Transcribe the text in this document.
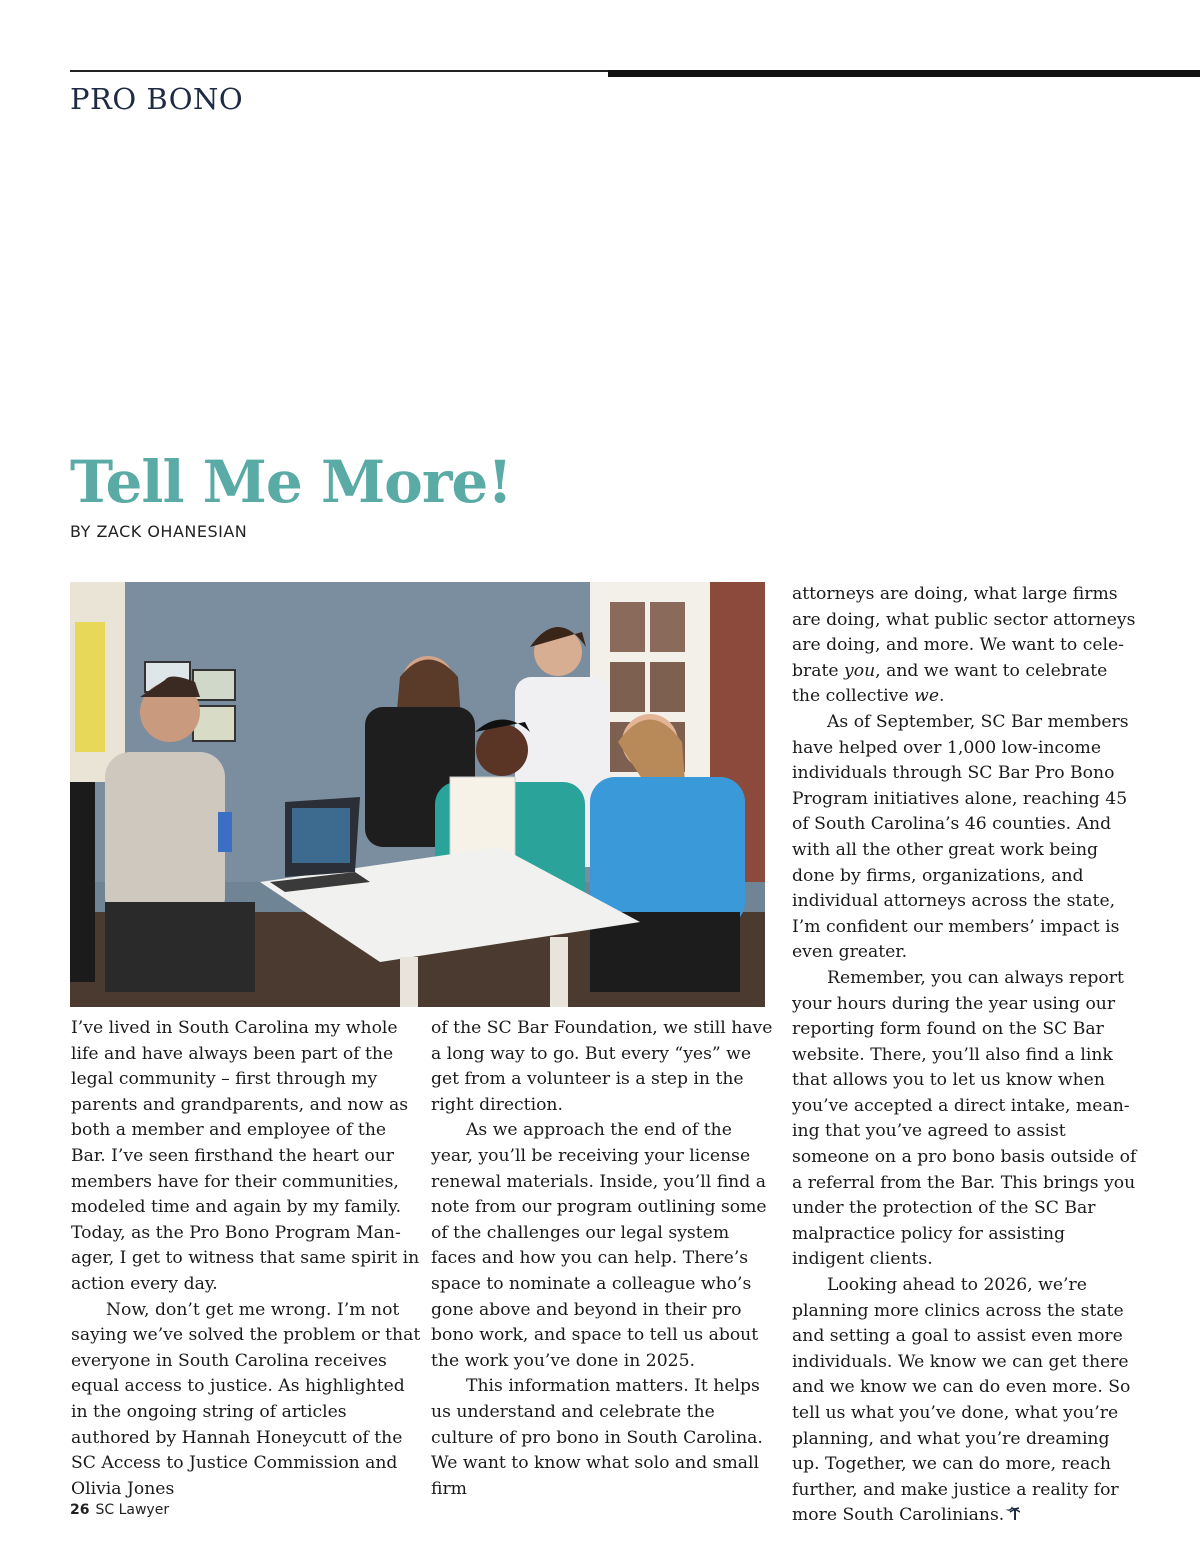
PRO BONO
Tell Me More!
BY ZACK OHANESIAN

I’ve lived in South Carolina my whole life and have always been part of the legal community – first through my parents and grandparents, and now as both a member and employee of the Bar. I’ve seen firsthand the heart our members have for their communities, modeled time and again by my family. Today, as the Pro Bono Program Manager, I get to witness that same spirit in action every day.

Now, don’t get me wrong. I’m not saying we’ve solved the problem or that everyone in South Carolina receives equal access to justice. As highlighted in the ongoing string of articles authored by Hannah Honeycutt of the SC Access to Justice Commission and Olivia Jones

of the SC Bar Foundation, we still have a long way to go. But every “yes” we get from a volunteer is a step in the right direction.

As we approach the end of the year, you’ll be receiving your license renewal materials. Inside, you’ll find a note from our program outlining some of the challenges our legal system faces and how you can help. There’s space to nominate a colleague who’s gone above and beyond in their pro bono work, and space to tell us about the work you’ve done in 2025.

This information matters. It helps us understand and celebrate the culture of pro bono in South Carolina. We want to know what solo and small firm

attorneys are doing, what large firms are doing, what public sector attorneys are doing, and more. We want to celebrate you, and we want to celebrate the collective we.

As of September, SC Bar members have helped over 1,000 low-income individuals through SC Bar Pro Bono Program initiatives alone, reaching 45 of South Carolina’s 46 counties. And with all the other great work being done by firms, organizations, and individual attorneys across the state, I’m confident our members’ impact is even greater.

Remember, you can always report your hours during the year using our reporting form found on the SC Bar website. There, you’ll also find a link that allows you to let us know when you’ve accepted a direct intake, meaning that you’ve agreed to assist someone on a pro bono basis outside of a referral from the Bar. This brings you under the protection of the SC Bar malpractice policy for assisting indigent clients.

Looking ahead to 2026, we’re planning more clinics across the state and setting a goal to assist even more individuals. We know we can get there and we know we can do even more. So tell us what you’ve done, what you’re planning, and what you’re dreaming up. Together, we can do more, reach further, and make justice a reality for more South Carolinians.

26 SC Lawyer
